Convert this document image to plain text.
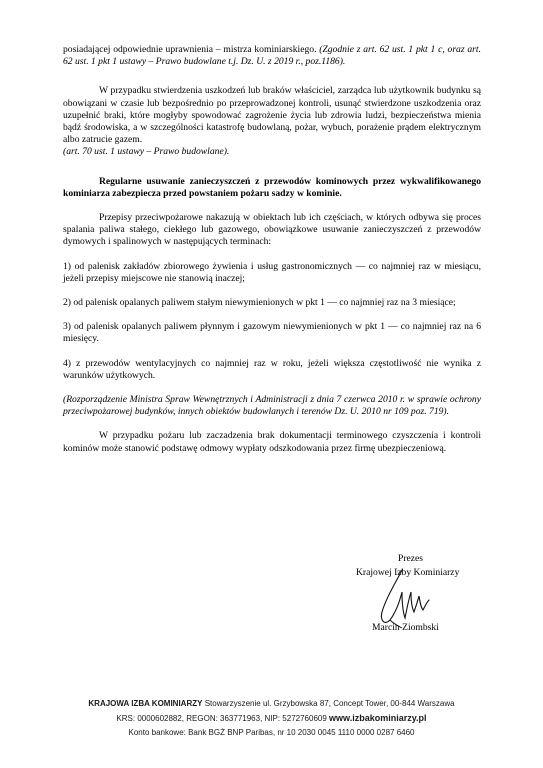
posiadającej odpowiednie uprawnienia – mistrza kominiarskiego. (Zgodnie z art. 62 ust. 1 pkt 1 c, oraz art. 62 ust. 1 pkt 1 ustawy – Prawo budowlane t.j. Dz. U. z 2019 r., poz.1186).

W przypadku stwierdzenia uszkodzeń lub braków właściciel, zarządca lub użytkownik budynku są obowiązani w czasie lub bezpośrednio po przeprowadzonej kontroli, usunąć stwierdzone uszkodzenia oraz uzupełnić braki, które mogłyby spowodować zagrożenie życia lub zdrowia ludzi, bezpieczeństwa mienia bądź środowiska, a w szczególności katastrofę budowlaną, pożar, wybuch, porażenie prądem elektrycznym albo zatrucie gazem.
(art. 70 ust. 1 ustawy – Prawo budowlane).

Regularne usuwanie zanieczyszczeń z przewodów kominowych przez wykwalifikowanego kominiarza zabezpiecza przed powstaniem pożaru sadzy w kominie.

Przepisy przeciwpożarowe nakazują w obiektach lub ich częściach, w których odbywa się proces spalania paliwa stałego, ciekłego lub gazowego, obowiązkowe usuwanie zanieczyszczeń z przewodów dymowych i spalinowych w następujących terminach:

1) od palenisk zakładów zbiorowego żywienia i usług gastronomicznych — co najmniej raz w miesiącu, jeżeli przepisy miejscowe nie stanowią inaczej;

2) od palenisk opalanych paliwem stałym niewymienionych w pkt 1 — co najmniej raz na 3 miesiące;

3) od palenisk opalanych paliwem płynnym i gazowym niewymienionych w pkt 1 — co najmniej raz na 6 miesięcy.

4) z przewodów wentylacyjnych co najmniej raz w roku, jeżeli większa częstotliwość nie wynika z warunków użytkowych.

(Rozporządzenie Ministra Spraw Wewnętrznych i Administracji z dnia 7 czerwca 2010 r. w sprawie ochrony przeciwpożarowej budynków, innych obiektów budowlanych i terenów Dz. U. 2010 nr 109 poz. 719).

W przypadku pożaru lub zaczadzenia brak dokumentacji terminowego czyszczenia i kontroli kominów może stanowić podstawę odmowy wypłaty odszkodowania przez firmę ubezpieczeniową.

Prezes
Krajowej Izby Kominiarzy
Marcin Ziombski
KRAJOWA IZBA KOMINIARZY Stowarzyszenie ul. Grzybowska 87, Concept Tower, 00-844 Warszawa
KRS: 0000602882, REGON: 363771963, NIP: 5272760609 www.izbakominiarzy.pl
Konto bankowe: Bank BGŻ BNP Paribas, nr 10 2030 0045 1110 0000 0287 6460
